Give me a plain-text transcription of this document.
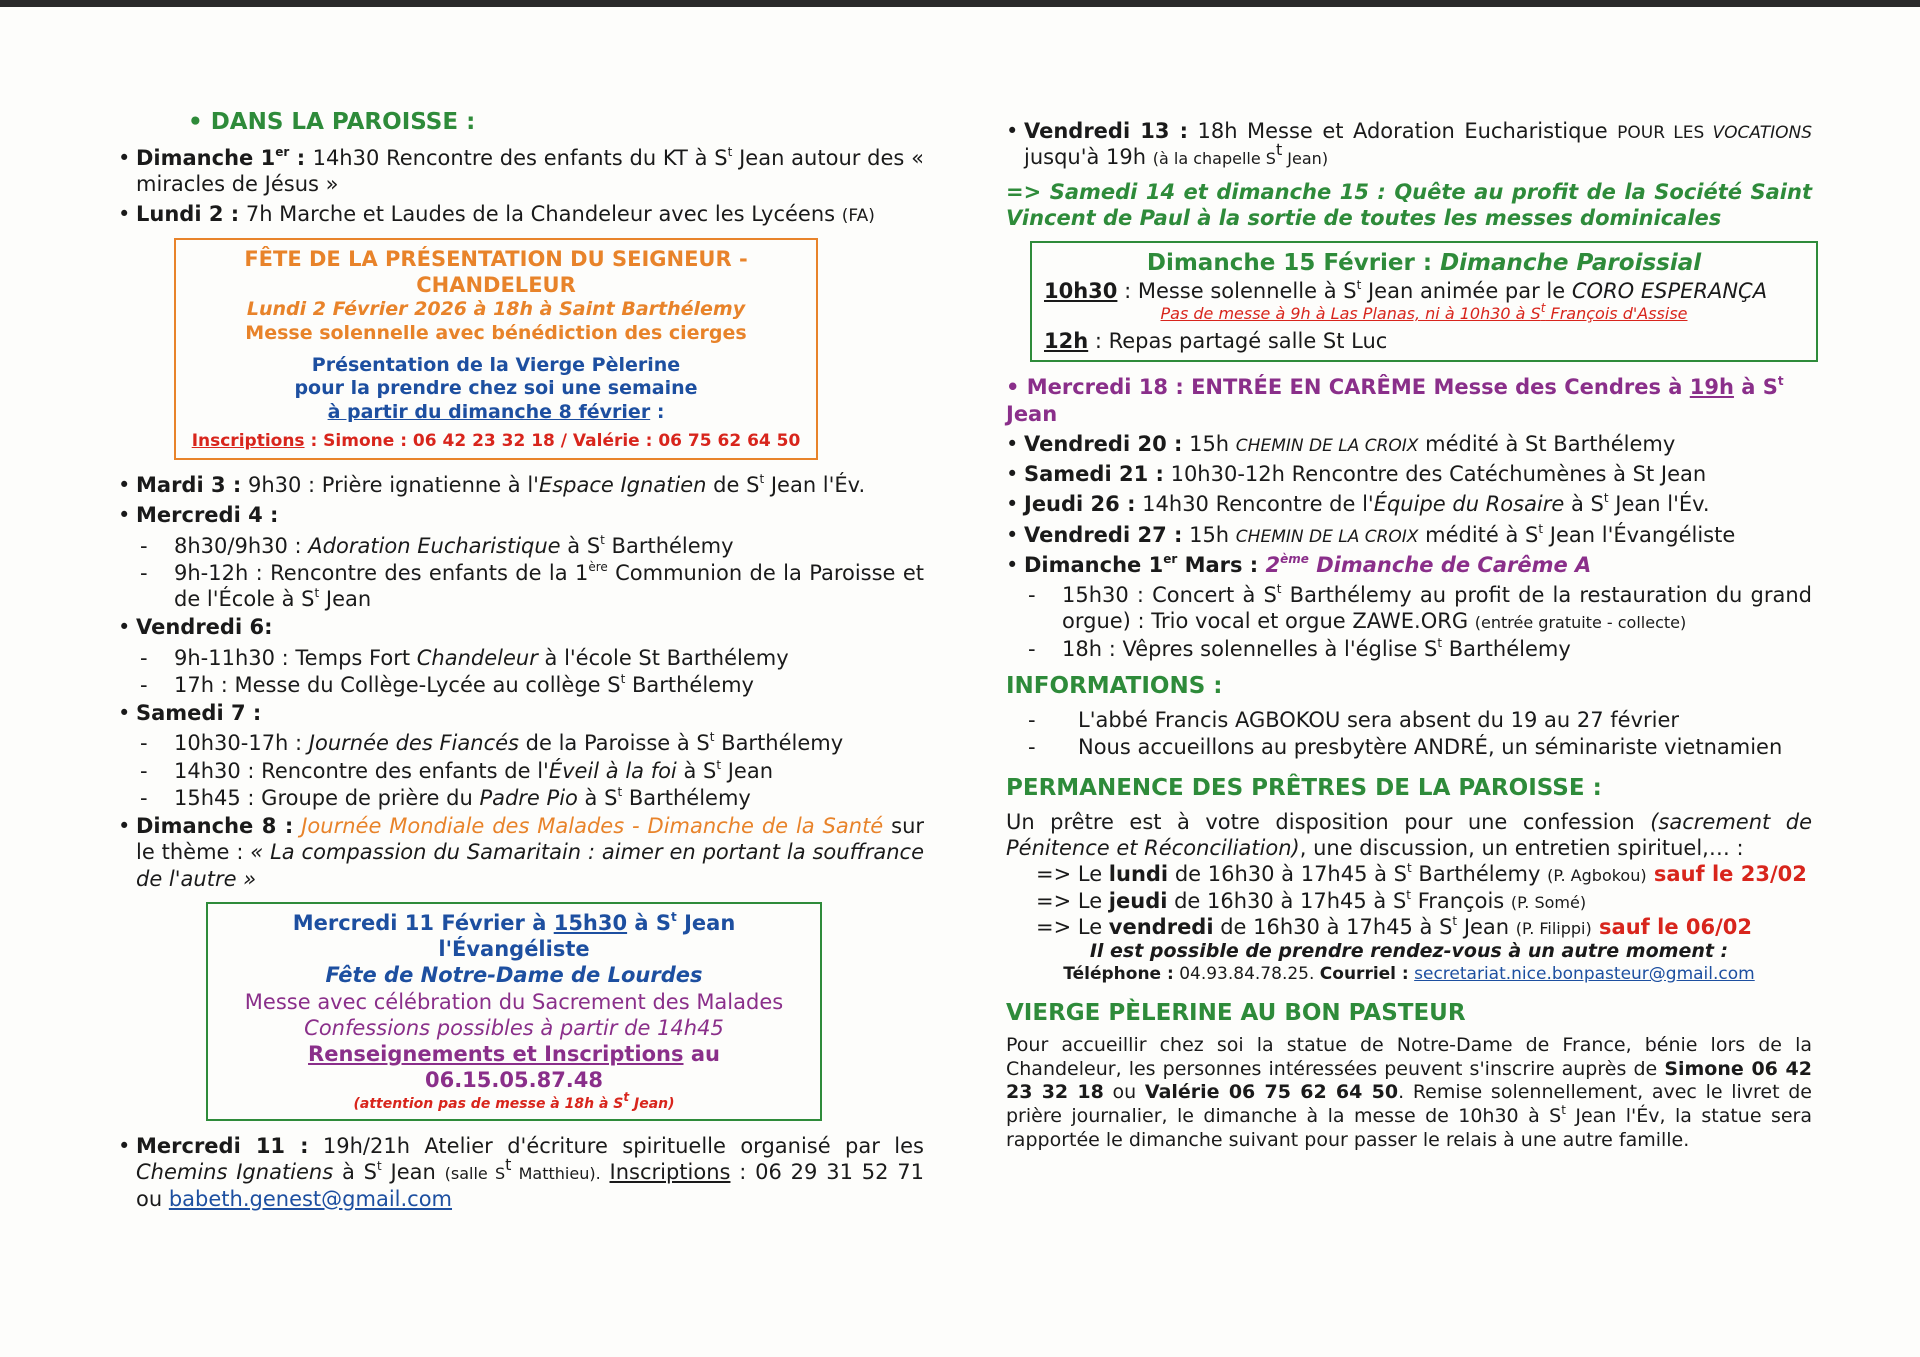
• DANS LA PAROISSE :
• Dimanche 1er : 14h30 Rencontre des enfants du KT à $S^t$ Jean autour des « miracles de Jésus »
• Lundi 2 : 7h Marche et Laudes de la Chandeleur avec les Lycéens (FA)
FÊTE DE LA PRÉSENTATION DU SEIGNEUR - CHANDELEUR
Lundi 2 Février 2026 à 18h à Saint Barthélemy
Messe solennelle avec bénédiction des cierges
Présentation de la Vierge Pèlerine
pour la prendre chez soi une semaine
à partir du dimanche 8 février :
Inscriptions : Simone : 06 42 23 32 18 / Valérie : 06 75 62 64 50
• Mardi 3 : 9h30 : Prière ignatienne à l'Espace Ignatien de $S^t$ Jean l'Év.
• Mercredi 4 :
- 8h30/9h30 : Adoration Eucharistique à $S^t$ Barthélemy
- 9h-12h : Rencontre des enfants de la 1ère Communion de la Paroisse et de l'École à $S^t$ Jean
• Vendredi 6:
- 9h-11h30 : Temps Fort Chandeleur à l'école St Barthélemy
- 17h : Messe du Collège-Lycée au collège $S^t$ Barthélemy
• Samedi 7 :
- 10h30-17h : Journée des Fiancés de la Paroisse à $S^t$ Barthélemy
- 14h30 : Rencontre des enfants de l'Éveil à la foi à $S^t$ Jean
- 15h45 : Groupe de prière du Padre Pio à $S^t$ Barthélemy
• Dimanche 8 : Journée Mondiale des Malades - Dimanche de la Santé sur le thème : « La compassion du Samaritain : aimer en portant la souffrance de l'autre »
Mercredi 11 Février à 15h30 à $S^t$ Jean l'Évangéliste
Fête de Notre-Dame de Lourdes
Messe avec célébration du Sacrement des Malades
Confessions possibles à partir de 14h45
Renseignements et Inscriptions au 06.15.05.87.48
(attention pas de messe à 18h à $S^t$ Jean)
• Mercredi 11 : 19h/21h Atelier d'écriture spirituelle organisé par les Chemins Ignatiens à $S^t$ Jean (salle $S^t$ Matthieu). Inscriptions : 06 29 31 52 71 ou babeth.genest@gmail.com
• Vendredi 13 : 18h Messe et Adoration Eucharistique POUR LES VOCATIONS jusqu'à 19h (à la chapelle $S^t$ Jean)
=> Samedi 14 et dimanche 15 : Quête au profit de la Société Saint Vincent de Paul à la sortie de toutes les messes dominicales
Dimanche 15 Février : Dimanche Paroissial
10h30 : Messe solennelle à $S^t$ Jean animée par le CORO ESPERANÇA
Pas de messe à 9h à Las Planas, ni à 10h30 à $S^t$ François d'Assise
12h : Repas partagé salle St Luc
• Mercredi 18 : ENTRÉE EN CARÊME Messe des Cendres à 19h à $S^t$ Jean
• Vendredi 20 : 15h CHEMIN DE LA CROIX médité à St Barthélemy
• Samedi 21 : 10h30-12h Rencontre des Catéchumènes à St Jean
• Jeudi 26 : 14h30 Rencontre de l'Équipe du Rosaire à $S^t$ Jean l'Év.
• Vendredi 27 : 15h CHEMIN DE LA CROIX médité à $S^t$ Jean l'Évangéliste
• Dimanche 1er Mars : 2ème Dimanche de Carême A
- 15h30 : Concert à $S^t$ Barthélemy au profit de la restauration du grand orgue) : Trio vocal et orgue ZAWE.ORG (entrée gratuite - collecte)
- 18h : Vêpres solennelles à l'église $S^t$ Barthélemy
INFORMATIONS :
- L'abbé Francis AGBOKOU sera absent du 19 au 27 février
- Nous accueillons au presbytère ANDRÉ, un séminariste vietnamien
PERMANENCE DES PRÊTRES DE LA PAROISSE :
Un prêtre est à votre disposition pour une confession (sacrement de Pénitence et Réconciliation), une discussion, un entretien spirituel,… :
=> Le lundi de 16h30 à 17h45 à $S^t$ Barthélemy (P. Agbokou) sauf le 23/02
=> Le jeudi de 16h30 à 17h45 à $S^t$ François (P. Somé)
=> Le vendredi de 16h30 à 17h45 à $S^t$ Jean (P. Filippi) sauf le 06/02
Il est possible de prendre rendez-vous à un autre moment :
Téléphone : 04.93.84.78.25. Courriel : secretariat.nice.bonpasteur@gmail.com
VIERGE PÈLERINE AU BON PASTEUR
Pour accueillir chez soi la statue de Notre-Dame de France, bénie lors de la Chandeleur, les personnes intéressées peuvent s'inscrire auprès de Simone 06 42 23 32 18 ou Valérie 06 75 62 64 50. Remise solennellement, avec le livret de prière journalier, le dimanche à la messe de 10h30 à $S^t$ Jean l'Év, la statue sera rapportée le dimanche suivant pour passer le relais à une autre famille.
